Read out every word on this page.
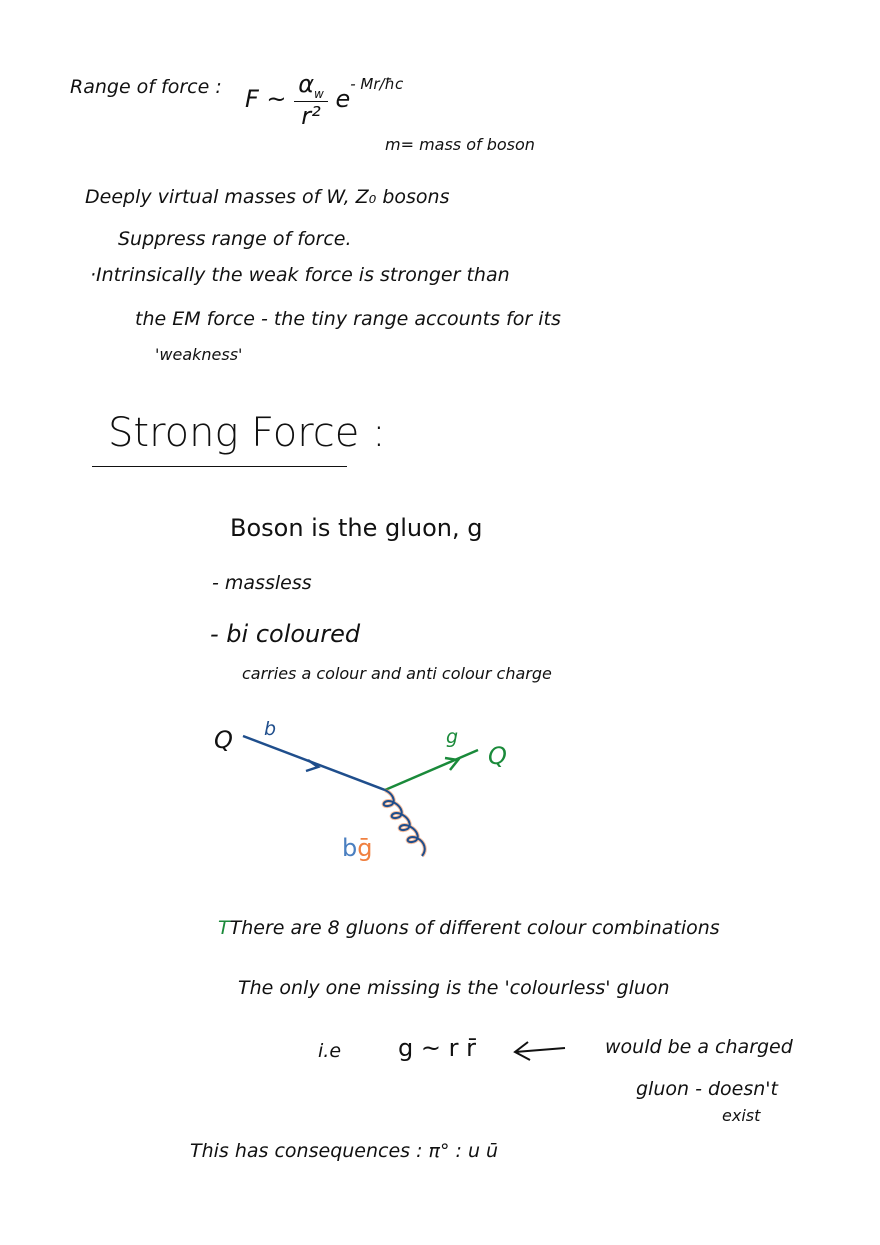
Range of force : F ~ $\frac{\alpha_w}{\text{r²}} e^{- Mr/ħc}$
m= mass of boson
Deeply virtual masses of W, Z₀ bosons
Suppress range of force.
·Intrinsically the weak force is stronger than
the EM force - the tiny range accounts for its
'weakness'
Strong Force :
Boson is the gluon, g
- massless
- bi coloured
carries a colour and anti colour charge
Q b	g
Q
bḡ
TThere are 8 gluons of different colour combinations
The only one missing is the 'colourless' gluon
i.e g ~ r r̄	would be a charged
gluon - doesn't
exist
This has consequences : π° : u ū
